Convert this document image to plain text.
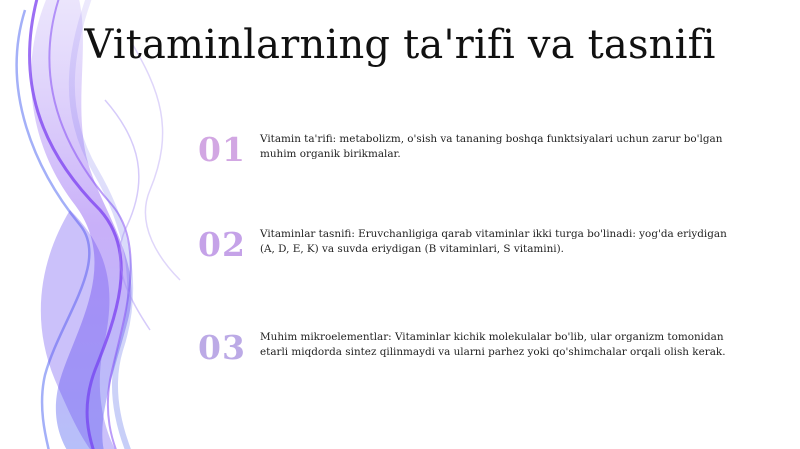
Vitaminlarning ta'rifi va tasnifi
01 Vitamin ta'rifi: metabolizm, o'sish va tananing boshqa funktsiyalari uchun zarur bo'lgan muhim organik birikmalar.
02 Vitaminlar tasnifi: Eruvchanligiga qarab vitaminlar ikki turga bo'linadi: yog'da eriydigan (A, D, E, K) va suvda eriydigan (B vitaminlari, S vitamini).
03 Muhim mikroelementlar: Vitaminlar kichik molekulalar bo'lib, ular organizm tomonidan etarli miqdorda sintez qilinmaydi va ularni parhez yoki qo'shimchalar orqali olish kerak.
